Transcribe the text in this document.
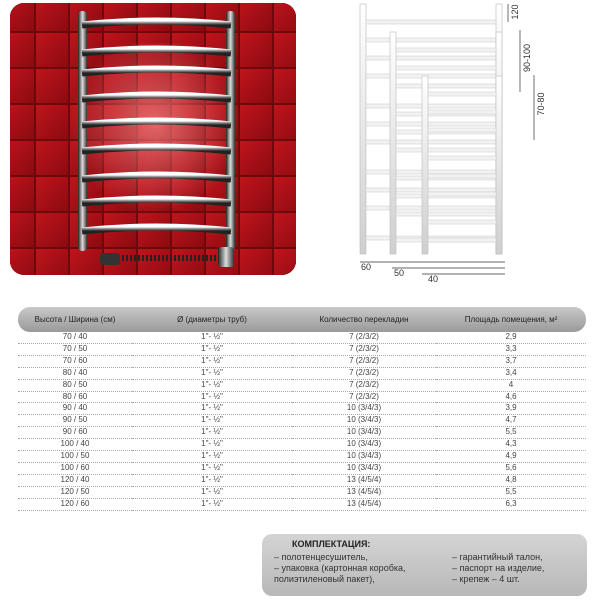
120
90-100
70-80
60
50
40
Высота / Ширина (см)	Ø (диаметры труб)	Количество перекладин	Площадь помещения, м²
70 / 40	1"- ½"	7 (2/3/2)	2,9
70 / 50	1"- ½"	7 (2/3/2)	3,3
70 / 60	1"- ½"	7 (2/3/2)	3,7
80 / 40	1"- ½"	7 (2/3/2)	3,4
80 / 50	1"- ½"	7 (2/3/2)	4
80 / 60	1"- ½"	7 (2/3/2)	4,6
90 / 40	1"- ½"	10 (3/4/3)	3,9
90 / 50	1"- ½"	10 (3/4/3)	4,7
90 / 60	1"- ½"	10 (3/4/3)	5,5
100 / 40	1"- ½"	10 (3/4/3)	4,3
100 / 50	1"- ½"	10 (3/4/3)	4,9
100 / 60	1"- ½"	10 (3/4/3)	5,6
120 / 40	1"- ½"	13 (4/5/4)	4,8
120 / 50	1"- ½"	13 (4/5/4)	5,5
120 / 60	1"- ½"	13 (4/5/4)	6,3
КОМПЛЕКТАЦИЯ:
– полотенцесушитель,
– упаковка (картонная коробка,
полиэтиленовый пакет),
– гарантийный талон,
– паспорт на изделие,
– крепеж – 4 шт.
